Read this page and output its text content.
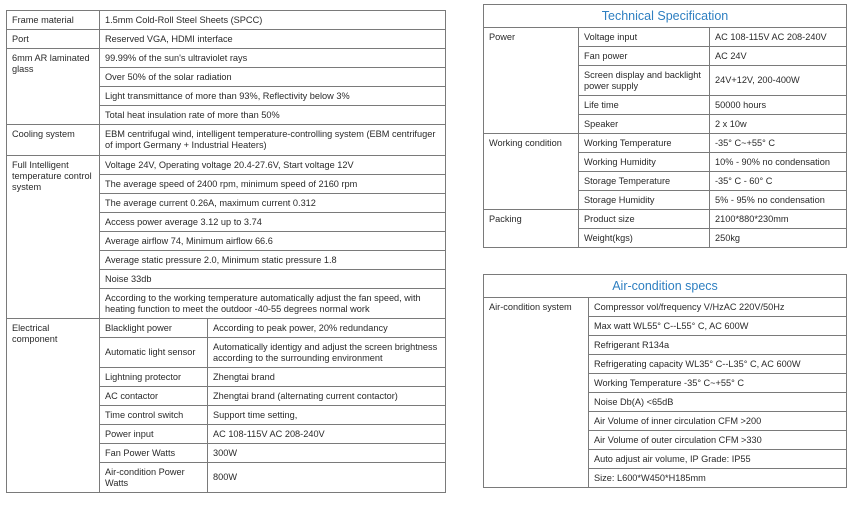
Frame material	1.5mm Cold-Roll Steel Sheets (SPCC)	
Port	Reserved VGA, HDMI interface	
6mm AR laminated glass	99.99% of the sun's ultraviolet rays	
	Over 50% of the solar radiation	
	Light transmittance of more than 93%, Reflectivity below 3%	
	Total heat insulation rate of more than 50%	
Cooling system	EBM centrifugal wind, intelligent temperature-controlling system (EBM centrifuger of import Germany + Industrial Heaters)	
Full Intelligent temperature control system	Voltage 24V, Operating voltage 20.4-27.6V, Start voltage 12V	
	The average speed of 2400 rpm, minimum speed of 2160 rpm	
	The average current 0.26A, maximum current 0.312	
	Access power average 3.12 up to 3.74	
	Average airflow 74, Minimum airflow 66.6	
	Average static pressure 2.0, Minimum static pressure 1.8	
	Noise 33db	
	According to the working temperature automatically adjust the fan speed, with heating function to meet the outdoor -40-55 degrees normal work	
Electrical component	Blacklight power	According to peak power, 20% redundancy
	Automatic light sensor	Automatically identigy and adjust the screen brightness according to the surrounding environment
	Lightning protector	Zhengtai brand
	AC contactor	Zhengtai brand (alternating current contactor)
	Time control switch	Support time setting,
	Power input	AC 108-115V AC 208-240V
	Fan Power Watts	300W
	Air-condition Power Watts	800W
Technical Specification		
Power	Voltage input	AC 108-115V AC 208-240V
	Fan power	AC 24V
	Screen display and backlight power supply	24V+12V, 200-400W
	Life time	50000 hours
	Speaker	2 x 10w
Working condition	Working Temperature	-35° C~+55° C
	Working Humidity	10% - 90% no condensation
	Storage Temperature	-35° C - 60° C
	Storage Humidity	5% - 95% no condensation
Packing	Product size	2100*880*230mm
	Weight(kgs)	250kg
Air-condition specs
Air-condition system	Compressor vol/frequency V/HzAC 220V/50Hz
Max watt WL55° C--L55° C, AC 600W
Refrigerant R134a
Refrigerating capacity WL35° C--L35° C, AC 600W
Working Temperature -35° C~+55° C
Noise Db(A) <65dB
Air Volume of inner circulation CFM >200
Air Volume of outer circulation CFM >330
Auto adjust air volume, IP Grade: IP55
Size: L600*W450*H185mm
